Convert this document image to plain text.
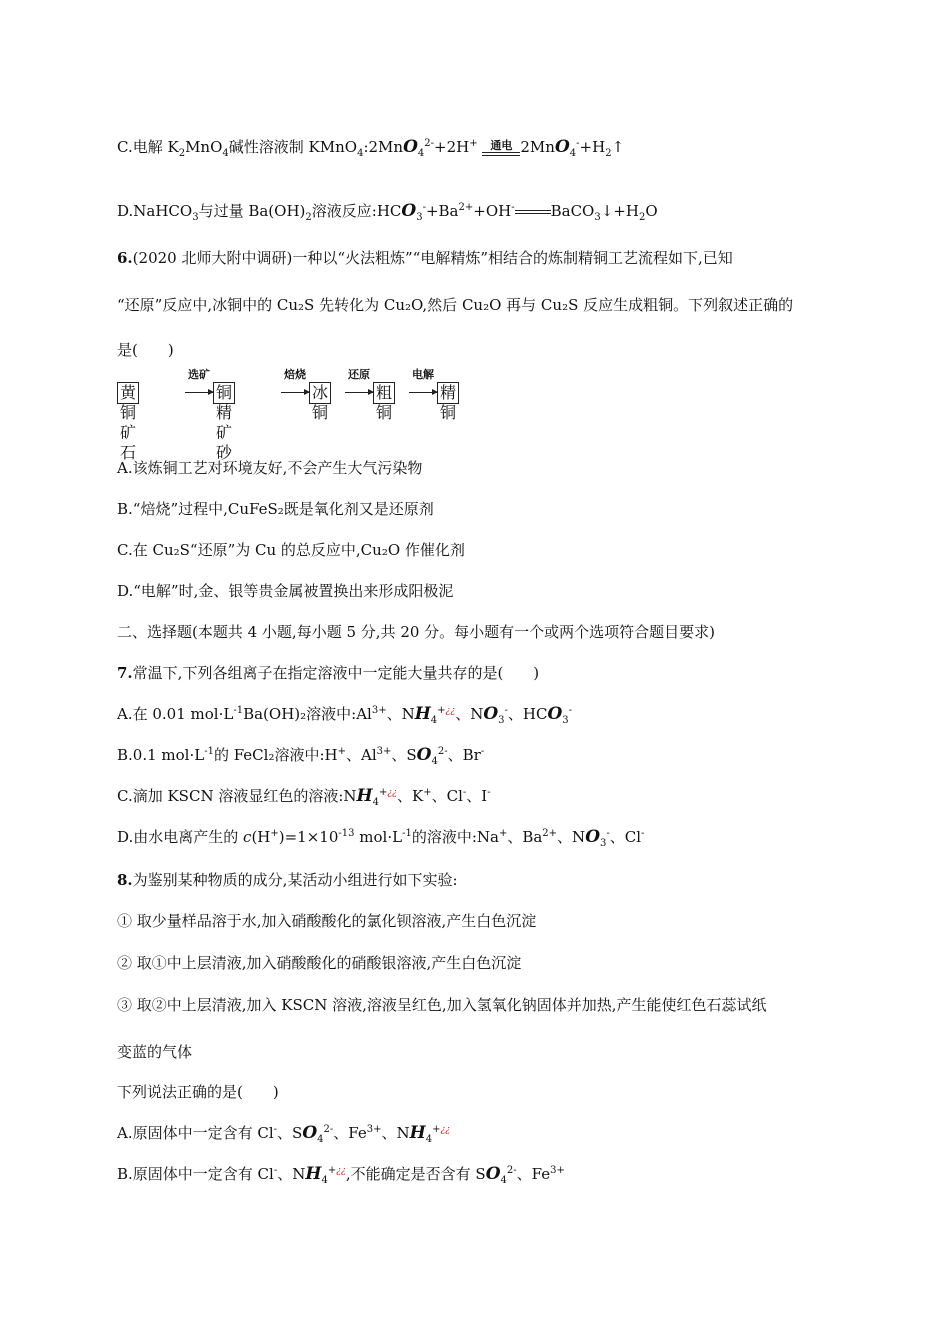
C.电解 $K_2MnO_4$碱性溶液制 KMnO$_4$:2MnO$_4^{2-}$+2H+	通电 $2MnO_4^-+H_2↑$
D.NaHCO$_3$与过量 $Ba(OH)_2$溶液反应$:HCO_3^-+Ba^{2+}+OH^-$ $BaCO_3↓+H_2O$
6.(2020 北师大附中调研)一种以“火法粗炼”“电解精炼”相结合的炼制精铜工艺流程如下,已知
“还原”反应中,冰铜中的 Cu₂S 先转化为 Cu₂O,然后 Cu₂O 再与 Cu₂S 反应生成粗铜。下列叙述正确的
是(　　)
黄铜矿石
选矿
铜精矿砂
焙烧
冰铜
还原
粗铜
电解
精铜
A.该炼铜工艺对环境友好,不会产生大气污染物
B.“焙烧”过程中,CuFeS₂既是氧化剂又是还原剂
C.在 Cu₂S“还原”为 Cu 的总反应中,Cu₂O 作催化剂
D.“电解”时,金、银等贵金属被置换出来形成阳极泥
二、选择题(本题共 4 小题,每小题 5 分,共 20 分。每小题有一个或两个选项符合题目要求)
7.常温下,下列各组离子在指定溶液中一定能大量共存的是(　　)
A.在 0.01 $mol\cdot L^{-1}Ba(OH)_2$溶液中$:Al^{3+}$、$NH_4^{+¿¿}$、$NO_3^-$、$HCO_3^-$
B.0.1 $mol\cdot L^{-1}$的 FeCl₂溶液中:H+、$Al^{3+}$、$SO_4^{2-}$、Br-
C.滴加 KSCN 溶液显红色的溶液$:NH_4^{+¿¿}$、K+、Cl-、I-
D.由水电离产生的 $c(H^+)=1\times 10^{-13}$ $mol\cdot L^{-1}$的溶液中:Na+、$Ba^{2+}$、$NO_3^-$、Cl-
8.为鉴别某种物质的成分,某活动小组进行如下实验:
① 取少量样品溶于水,加入硝酸酸化的氯化钡溶液,产生白色沉淀
② 取①中上层清液,加入硝酸酸化的硝酸银溶液,产生白色沉淀
③ 取②中上层清液,加入 KSCN 溶液,溶液呈红色,加入氢氧化钠固体并加热,产生能使红色石蕊试纸
变蓝的气体
下列说法正确的是(　　)
A.原固体中一定含有 Cl-、$SO_4^{2-}$、$Fe^{3+}$、$NH_4^{+¿¿}$
B.原固体中一定含有 Cl-、$NH_4^{+¿¿}$,不能确定是否含有 $SO_4^{2-}$、$Fe^{3+}$
